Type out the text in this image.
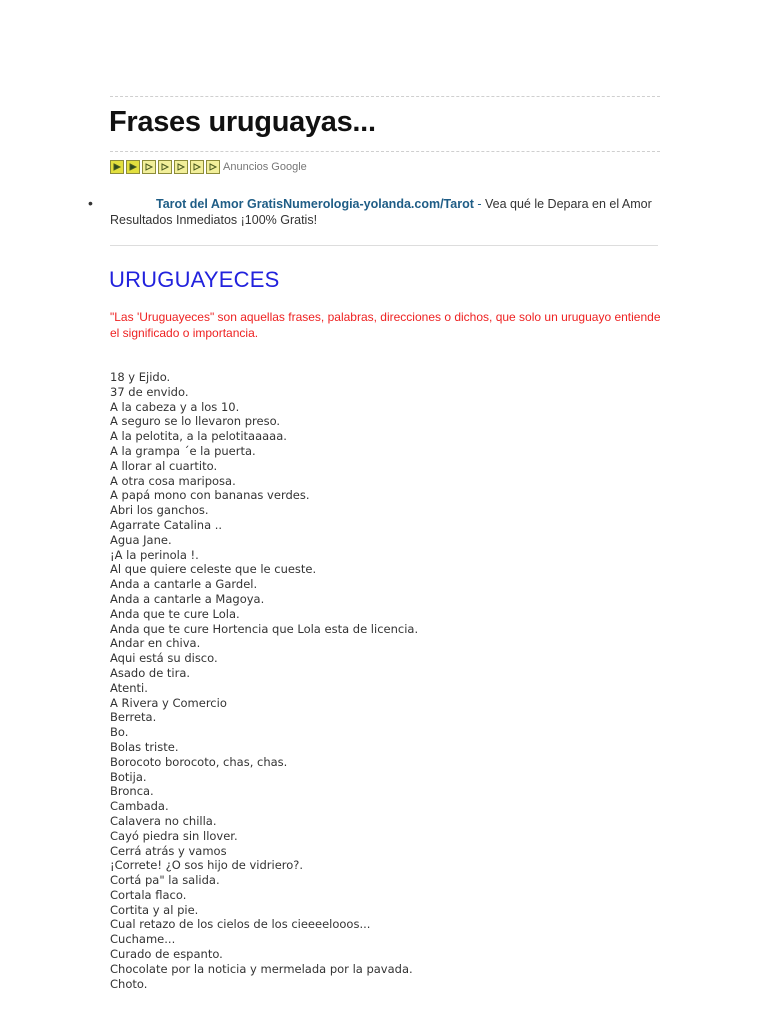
Frases uruguayas...
Anuncios Google
•	Tarot del Amor GratisNumerologia-yolanda.com/Tarot - Vea qué le Depara en el Amor Resultados Inmediatos ¡100% Gratis!
URUGUAYECES

"Las 'Uruguayeces" son aquellas frases, palabras, direcciones o dichos, que solo un uruguayo entiende el significado o importancia.

18 y Ejido.
37 de envido.
A la cabeza y a los 10.
A seguro se lo llevaron preso.
A la pelotita, a la pelotitaaaaa.
A la grampa ´e la puerta.
A llorar al cuartito.
A otra cosa mariposa.
A papá mono con bananas verdes.
Abri los ganchos.
Agarrate Catalina ..
Agua Jane.
¡A la perinola !.
Al que quiere celeste que le cueste.
Anda a cantarle a Gardel.
Anda a cantarle a Magoya.
Anda que te cure Lola.
Anda que te cure Hortencia que Lola esta de licencia.
Andar en chiva.
Aqui está su disco.
Asado de tira.
Atenti.
A Rivera y Comercio
Berreta.
Bo.
Bolas triste.
Borocoto borocoto, chas, chas.
Botija.
Bronca.
Cambada.
Calavera no chilla.
Cayó piedra sin llover.
Cerrá atrás y vamos
¡Correte! ¿O sos hijo de vidriero?.
Cortá pa" la salida.
Cortala flaco.
Cortita y al pie.
Cual retazo de los cielos de los cieeeelooos...
Cuchame...
Curado de espanto.
Chocolate por la noticia y mermelada por la pavada.
Choto.
